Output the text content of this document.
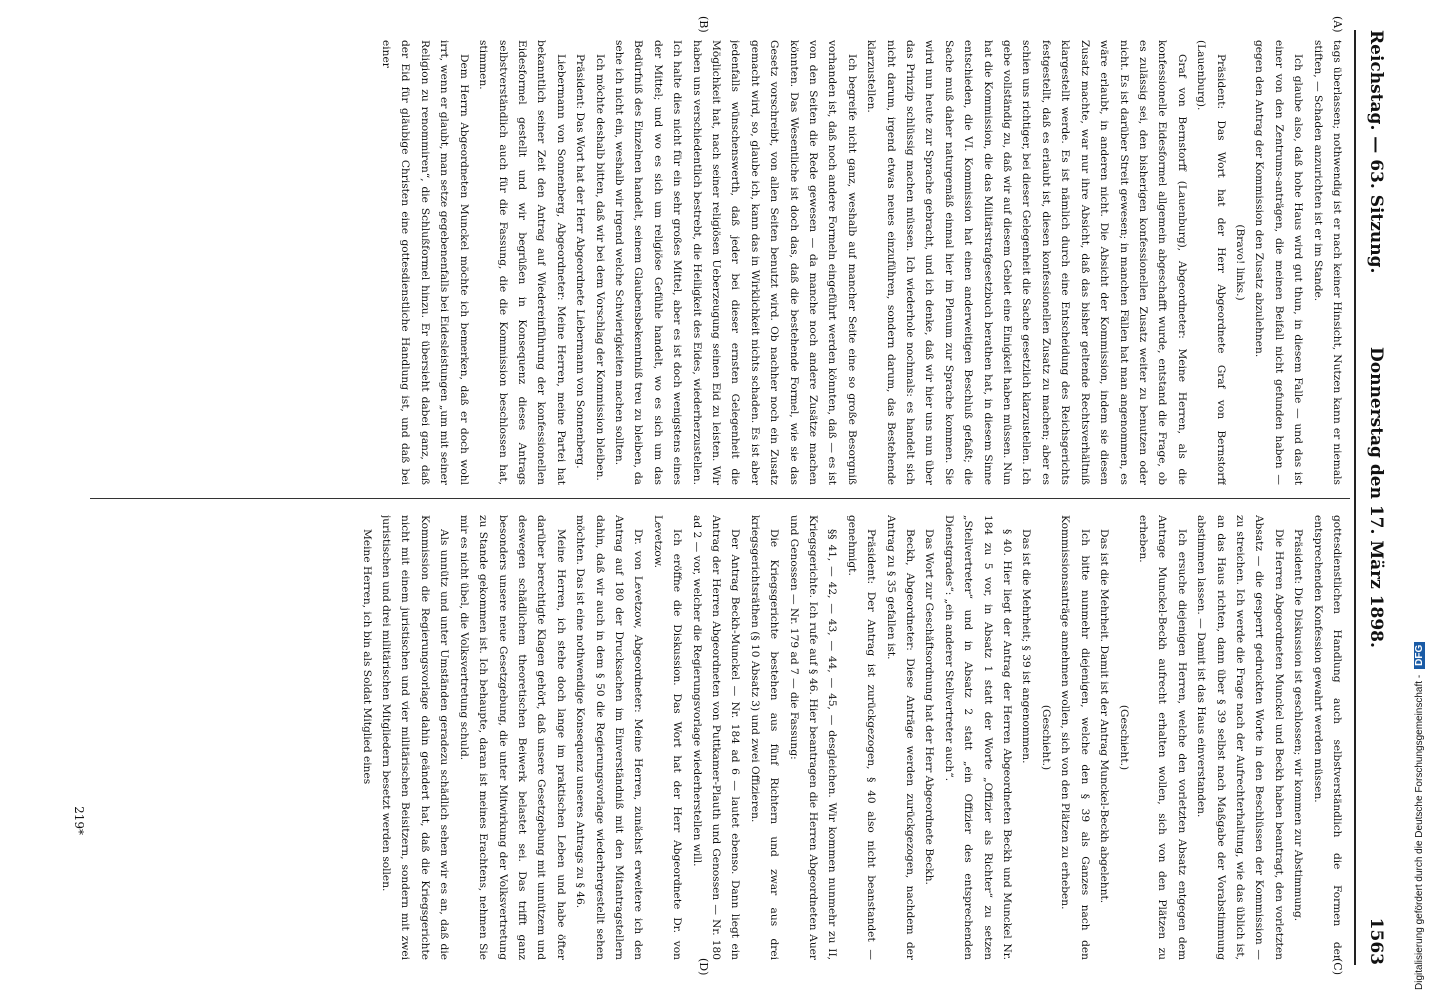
Reichstag. — 63. Sitzung.
Donnerstag den 17. März 1898.
1563
(A)
(B)
(C)
(D)

tags überlassen; nothwendig ist er nach keiner Hinsicht, Nutzen kann er niemals stiften, — Schaden anzurichten ist er im Stande.

Ich glaube also, daß hohe Haus wird gut thun, in diesem Falle — und das ist einer von den Zentrums-anträgen, die meinen Beifall nicht gefunden haben — gegen den Antrag der Kommission den Zusatz abzulehnen.

(Bravo! links.)

Präsident: Das Wort hat der Herr Abgeordnete Graf von Bernstorff (Lauenburg).

Graf von Bernstorff (Lauenburg), Abgeordneter: Meine Herren, als die konfessionelle Eidesformel allgemein abgeschafft wurde, entstand die Frage, ob es zulässig sei, den bisherigen konfessionellen Zusatz weiter zu benutzen oder nicht. Es ist darüber Streit gewesen; in manchen Fällen hat man angenommen, es wäre erlaubt, in anderen nicht. Die Absicht der Kommission, indem sie diesen Zusatz machte, war nur ihre Absicht, daß das bisher geltende Rechtsverhältniß klargestellt werde. Es ist nämlich durch eine Entscheidung des Reichsgerichts festgestellt, daß es erlaubt ist, diesen konfessionellen Zusatz zu machen; aber es schien uns richtiger, bei dieser Gelegenheit die Sache gesetzlich klarzustellen. Ich gebe vollständig zu, daß wir auf diesem Gebiet eine Einigkeit haben müssen. Nun hat die Kommission, die das Militärstrafgesetzbuch berathen hat, in diesem Sinne entschieden, die VI. Kommission hat einen anderweitigen Beschluß gefaßt; die Sache muß daher naturgemäß einmal hier im Plenum zur Sprache kommen. Sie wird nun heute zur Sprache gebracht, und ich denke, daß wir hier uns nun über das Prinzip schlüssig machen müssen. Ich wiederhole nochmals: es handelt sich nicht darum, irgend etwas neues einzuführen, sondern darum, das Bestehende klarzustellen.

Ich begreife nicht ganz, weshalb auf mancher Seite eine so große Besorgniß vorhanden ist, daß noch andere Formeln eingeführt werden könnten, daß — es ist von den Seiten die Rede gewesen — da manche noch andere Zusätze machen könnten. Das Wesentliche ist doch das, daß die bestehende Formel, wie sie das Gesetz vorschreibt, von allen Seiten benutzt wird. Ob nachher noch ein Zusatz gemacht wird, so, glaube ich, kann das in Wirklichkeit nichts schaden. Es ist aber jedenfalls wünschenswerth, daß jeder bei dieser ernsten Gelegenheit die Möglichkeit hat, nach seiner religiösen Ueberzeugung seinen Eid zu leisten. Wir haben uns verschiedentlich bestrebt, die Heiligkeit des Eides, wiederherzustellen. Ich halte dies nicht für ein sehr großes Mittel, aber es ist doch wenigstens eines der Mittel; und wo es sich um religiöse Gefühle handelt, wo es sich um das Bedürfniß des Einzelnen handelt, seinem Glaubensbekenntniß treu zu bleiben, da sehe ich nicht ein, weshalb wir irgend welche Schwierigkeiten machen sollten.

Ich möchte deshalb bitten, daß wir bei dem Vorschlag der Kommission bleiben.

Präsident: Das Wort hat der Herr Abgeordnete Liebermann von Sonnenberg.

Liebermann von Sonnenberg, Abgeordneter: Meine Herren, meine Partei hat bekanntlich seiner Zeit den Antrag auf Wiedereinführung der konfessionellen Eidesformel gestellt und wir begrüßen in Konsequenz dieses Antrags selbstverständlich auch für die Fassung, die die Kommission beschlossen hat, stimmen.

Dem Herrn Abgeordneten Munckel möchte ich bemerken, daß er doch wohl irrt, wenn er glaubt, man setze gegebenenfalls bei Eidesleistungen „um mit seiner Religion zu renommiren“, die Schlußformel hinzu. Er übersieht dabei ganz, daß der Eid für gläubige Christen eine gottesdienstliche Handlung ist, und daß bei einer

gottesdienstlichen Handlung auch selbstverständlich die Formen der entsprechenden Konfession gewahrt werden müssen.

Präsident: Die Diskussion ist geschlossen; wir kommen zur Abstimmung.

Die Herren Abgeordneten Munckel und Beckh haben beantragt, den vorletzten Absatz — die gesperrt gedruckten Worte in den Beschlüssen der Kommission — zu streichen. Ich werde die Frage nach der Aufrechterhaltung, wie das üblich ist, an das Haus richten, dann über § 39 selbst nach Maßgabe der Vorabstimmung abstimmen lassen. — Damit ist das Haus einverstanden.

Ich ersuche diejenigen Herren, welche den vorletzten Absatz entgegen dem Antrage Munckel-Beckh aufrecht erhalten wollen, sich von den Plätzen zu erheben.

(Geschieht.)

Das ist die Mehrheit. Damit ist der Antrag Munckel-Beckh abgelehnt.

Ich bitte nunmehr diejenigen, welche den § 39 als Ganzes nach den Kommissionsanträge annehmen wollen, sich von den Plätzen zu erheben.

(Geschieht.)

Das ist die Mehrheit; § 39 ist angenommen.

§ 40. Hier liegt der Antrag der Herren Abgeordneten Beckh und Munckel Nr. 184 zu 5 vor, in Absatz 1 statt der Worte „Offizier als Richter“ zu setzen „Stellvertreter“ und in Absatz 2 statt „ein Offizier des entsprechenden Dienstgrades“: „ein anderer Stellvertreter auch“.

Das Wort zur Geschäftsordnung hat der Herr Abgeordnete Beckh.

Beckh, Abgeordneter: Diese Anträge werden zurückgezogen, nachdem der Antrag zu § 35 gefallen ist.

Präsident: Der Antrag ist zurückgezogen, § 40 also nicht beanstandet — genehmigt.

§§ 41, — 42, — 43, — 44, — 45, — desgleichen. Wir kommen nunmehr zu II, Kriegsgerichte. Ich rufe auf § 46. Hier beantragen die Herren Abgeordneten Auer und Genossen — Nr. 179 ad 7 — die Fassung:

Die Kriegsgerichte bestehen aus fünf Richtern und zwar aus drei kriegsgerichtsräthen (§ 10 Absatz 3) und zwei Offizieren.

Der Antrag Beckh-Munckel — Nr. 184 ad 6 — lautet ebenso. Dann liegt ein Antrag der Herren Abgeordneten von Puttkamer-Plauth und Genossen — Nr. 180 ad 2 — vor, welcher die Regierungsvorlage wiederherstellen will.

Ich eröffne die Diskussion. Das Wort hat der Herr Abgeordnete Dr. von Levetzow.

Dr. von Levetzow, Abgeordneter: Meine Herren, zunächst erweitere ich den Antrag auf 180 der Drucksachen im Einverständniß mit den Mitantragstellern dahin, daß wir auch in dem § 50 die Regierungsvorlage wiederhergestellt sehen möchten. Das ist eine nothwendige Konsequenz unseres Antrags zu § 46.

Meine Herren, ich stehe doch lange im praktischen Leben und habe öfter darüber berechtigte Klagen gehört, daß unsere Gesetzgebung mit unnützem und deswegen schädlichem theoretischen Beiwerk belastet sei. Das trifft ganz besonders unsere neue Gesetzgebung, die unter Mitwirkung der Volksvertretung zu Stande gekommen ist. Ich behaupte, daran ist meines Erachtens, nehmen Sie mir es nicht übel, die Volksvertretung schuld.

Als unnütz und unter Umständen geradezu schädlich sehen wir es an, daß die Kommission die Regierungsvorlage dahin geändert hat, daß die Kriegsgerichte nicht mit einem juristischen und vier militärischen Beisitzern, sondern mit zwei juristischen und drei militärischen Mitgliedern besetzt werden sollen.

Meine Herren, ich bin als Soldat Mitglied eines

219*	Digitalisierung gefördert durch die Deutsche Forschungsgemeinschaft -DFG
